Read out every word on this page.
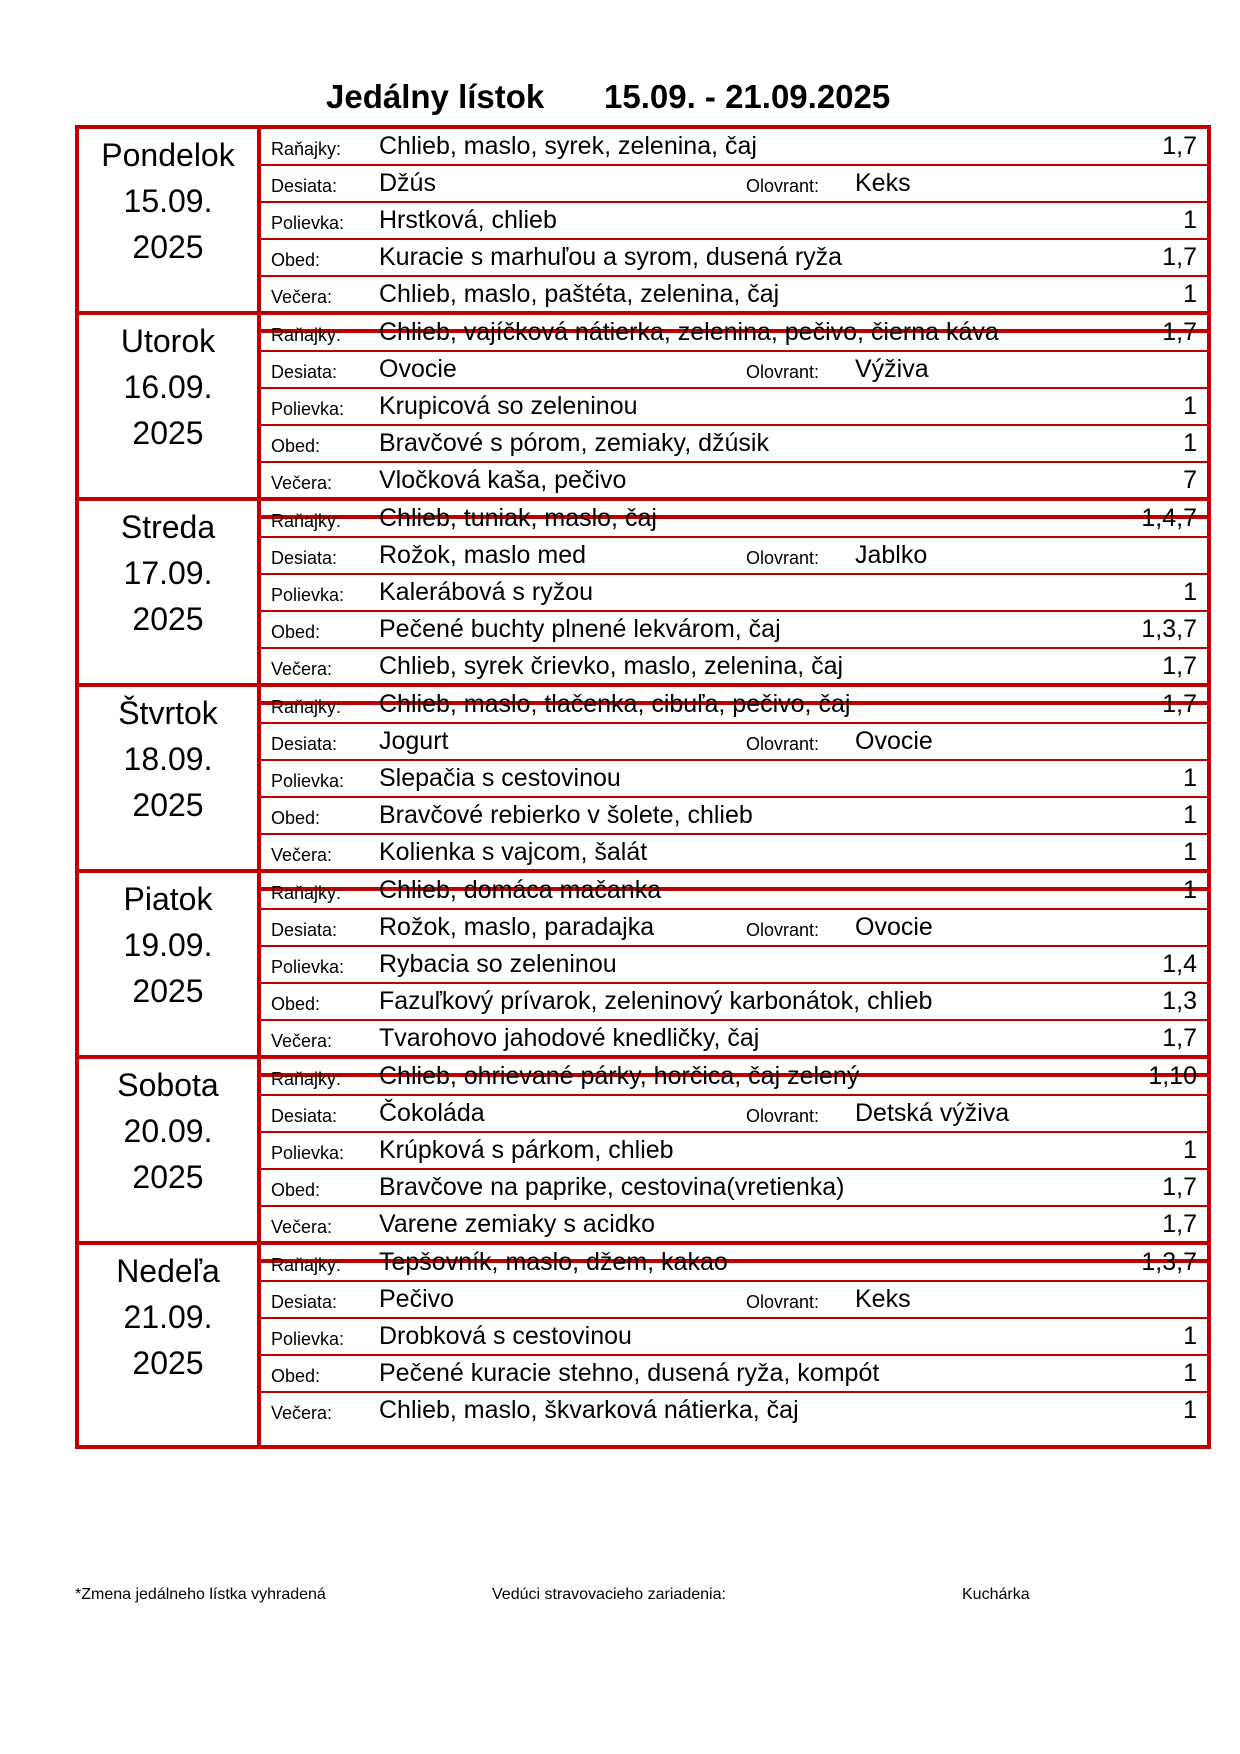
Jedálny lístok 15.09. - 21.09.2025
Pondelok
15.09.
2025
Raňajky: Chlieb, maslo, syrek, zelenina, čaj	1,7
Desiata: Džús	Olovrant: Keks
Polievka: Hrstková, chlieb	1
Obed: Kuracie s marhuľou a syrom, dusená ryža	1,7
Večera: Chlieb, maslo, paštéta, zelenina, čaj	1
Utorok
16.09.
2025
Raňajky: Chlieb, vajíčková nátierka, zelenina, pečivo, čierna káva	1,7
Desiata: Ovocie	Olovrant: Výživa
Polievka: Krupicová so zeleninou	1
Obed: Bravčové s pórom, zemiaky, džúsik	1
Večera: Vločková kaša, pečivo	7
Streda
17.09.
2025
Raňajky: Chlieb, tuniak, maslo, čaj	1,4,7
Desiata: Rožok, maslo med	Olovrant: Jablko
Polievka: Kalerábová s ryžou	1
Obed: Pečené buchty plnené lekvárom, čaj	1,3,7
Večera: Chlieb, syrek črievko, maslo, zelenina, čaj	1,7
Štvrtok
18.09.
2025
Raňajky: Chlieb, maslo, tlačenka, cibuľa, pečivo, čaj	1,7
Desiata: Jogurt	Olovrant: Ovocie
Polievka: Slepačia s cestovinou	1
Obed: Bravčové rebierko v šolete, chlieb	1
Večera: Kolienka s vajcom, šalát	1
Piatok
19.09.
2025
Raňajky: Chlieb, domáca mačanka	1
Desiata: Rožok, maslo, paradajka	Olovrant: Ovocie
Polievka: Rybacia so zeleninou	1,4
Obed: Fazuľkový prívarok, zeleninový karbonátok, chlieb	1,3
Večera: Tvarohovo jahodové knedličky, čaj	1,7
Sobota
20.09.
2025
Raňajky: Chlieb, ohrievané párky, horčica, čaj zelený	1,10
Desiata: Čokoláda	Olovrant: Detská výživa
Polievka: Krúpková s párkom, chlieb	1
Obed: Bravčove na paprike, cestovina(vretienka)	1,7
Večera: Varene zemiaky s acidko	1,7
Nedeľa
21.09.
2025
Raňajky: Tepšovník, maslo, džem, kakao	1,3,7
Desiata: Pečivo	Olovrant: Keks
Polievka: Drobková s cestovinou	1
Obed: Pečené kuracie stehno, dusená ryža, kompót	1
Večera: Chlieb, maslo, škvarková nátierka, čaj	1
*Zmena jedálneho lístka vyhradená	Vedúci stravovacieho zariadenia:	Kuchárka
